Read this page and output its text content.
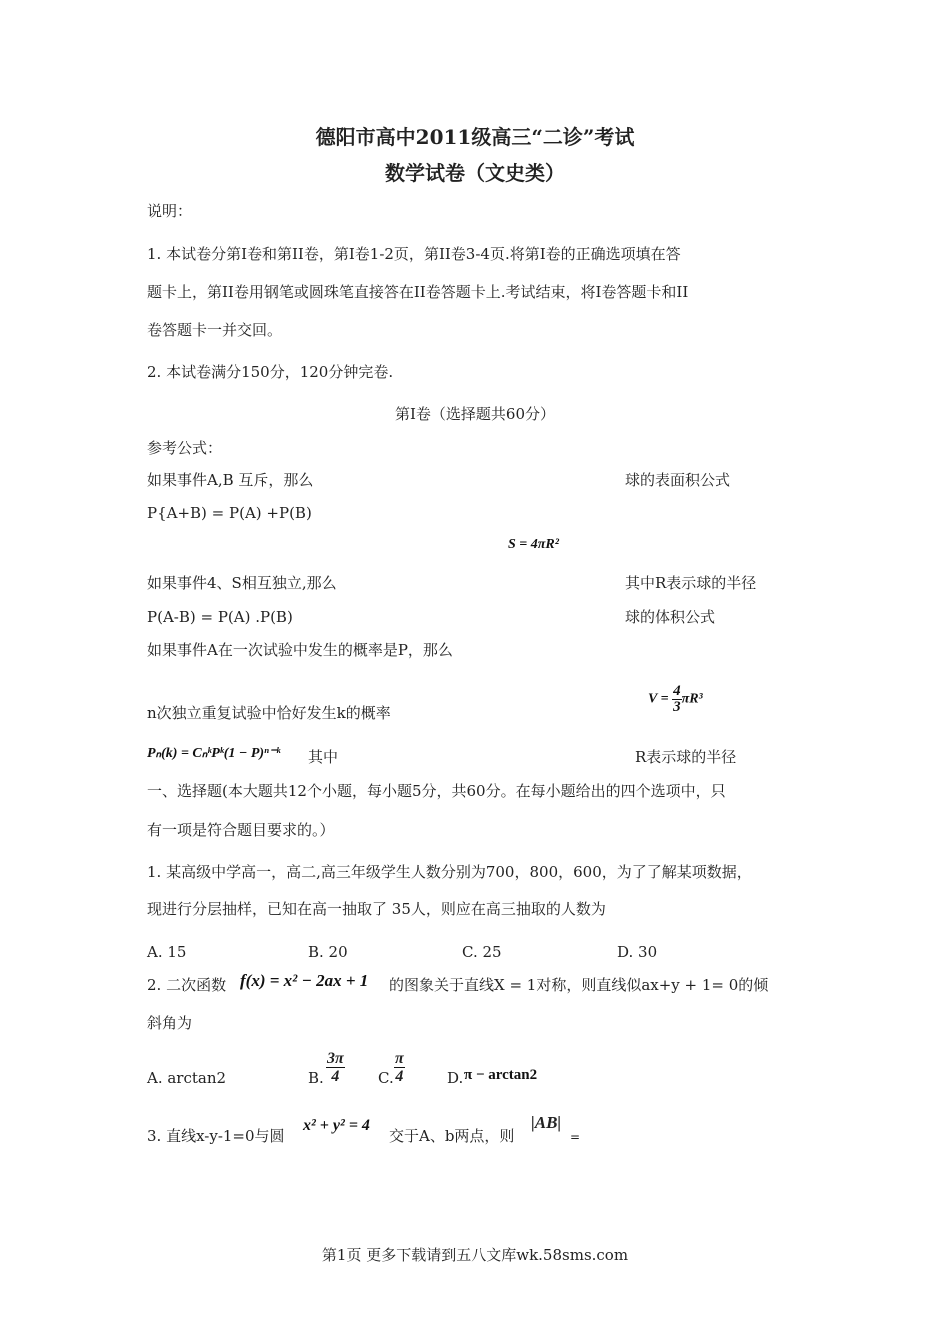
德阳市高中2011级高三“二诊”考试
数学试卷（文史类）
说明：
1. 本试卷分第Ⅰ卷和第II卷，第Ⅰ卷1-2页，第II卷3-4页.将第Ⅰ卷的正确选项填在答
题卡上，第II卷用钢笔或圆珠笔直接答在II卷答题卡上.考试结束，将Ⅰ卷答题卡和II
卷答题卡一并交回。
2. 本试卷满分150分，120分钟完卷.
第Ⅰ卷（选择题共60分）
参考公式：
如果事件A,B 互斥，那么	球的表面积公式
P{A+B) = P(A) +P(B)
S = 4πR²
如果事件4、S相互独立,那么	其中R表示球的半径
P(A-B) = P(A) .P(B)	球的体积公式
如果事件A在一次试验中发生的概率是P，那么
$V = \frac{4}{3} \pi R^3$
n次独立重复试验中恰好发生k的概率
Pₙ(k) = CₙᵏPᵏ(1 − P)ⁿ⁻ᵏ 其中	R表示球的半径
一、选择题(本大题共12个小题，每小题5分，共60分。在每小题给出的四个选项中，只
有一项是符合题目要求的。）
1. 某高级中学高一，高二,高三年级学生人数分别为700，800，600，为了了解某项数据，
现进行分层抽样，已知在高一抽取了 35人，则应在高三抽取的人数为
A. 15	B. 20	C. 25	D. 30
2. 二次函数 f(x) = x² − 2ax + 1 的图象关于直线X = 1对称，则直线似ax+y + 1= 0的倾
斜角为
A. arctan2	B. $\frac{3\pi}{4} C$. $\frac{\pi}{4}$	D. π − arctan2
3. 直线x-y-1=0与圆
x² + y² = 4
交于A、b两点，则
|AB|
=
第1页 更多下载请到五八文库wk.58sms.com
